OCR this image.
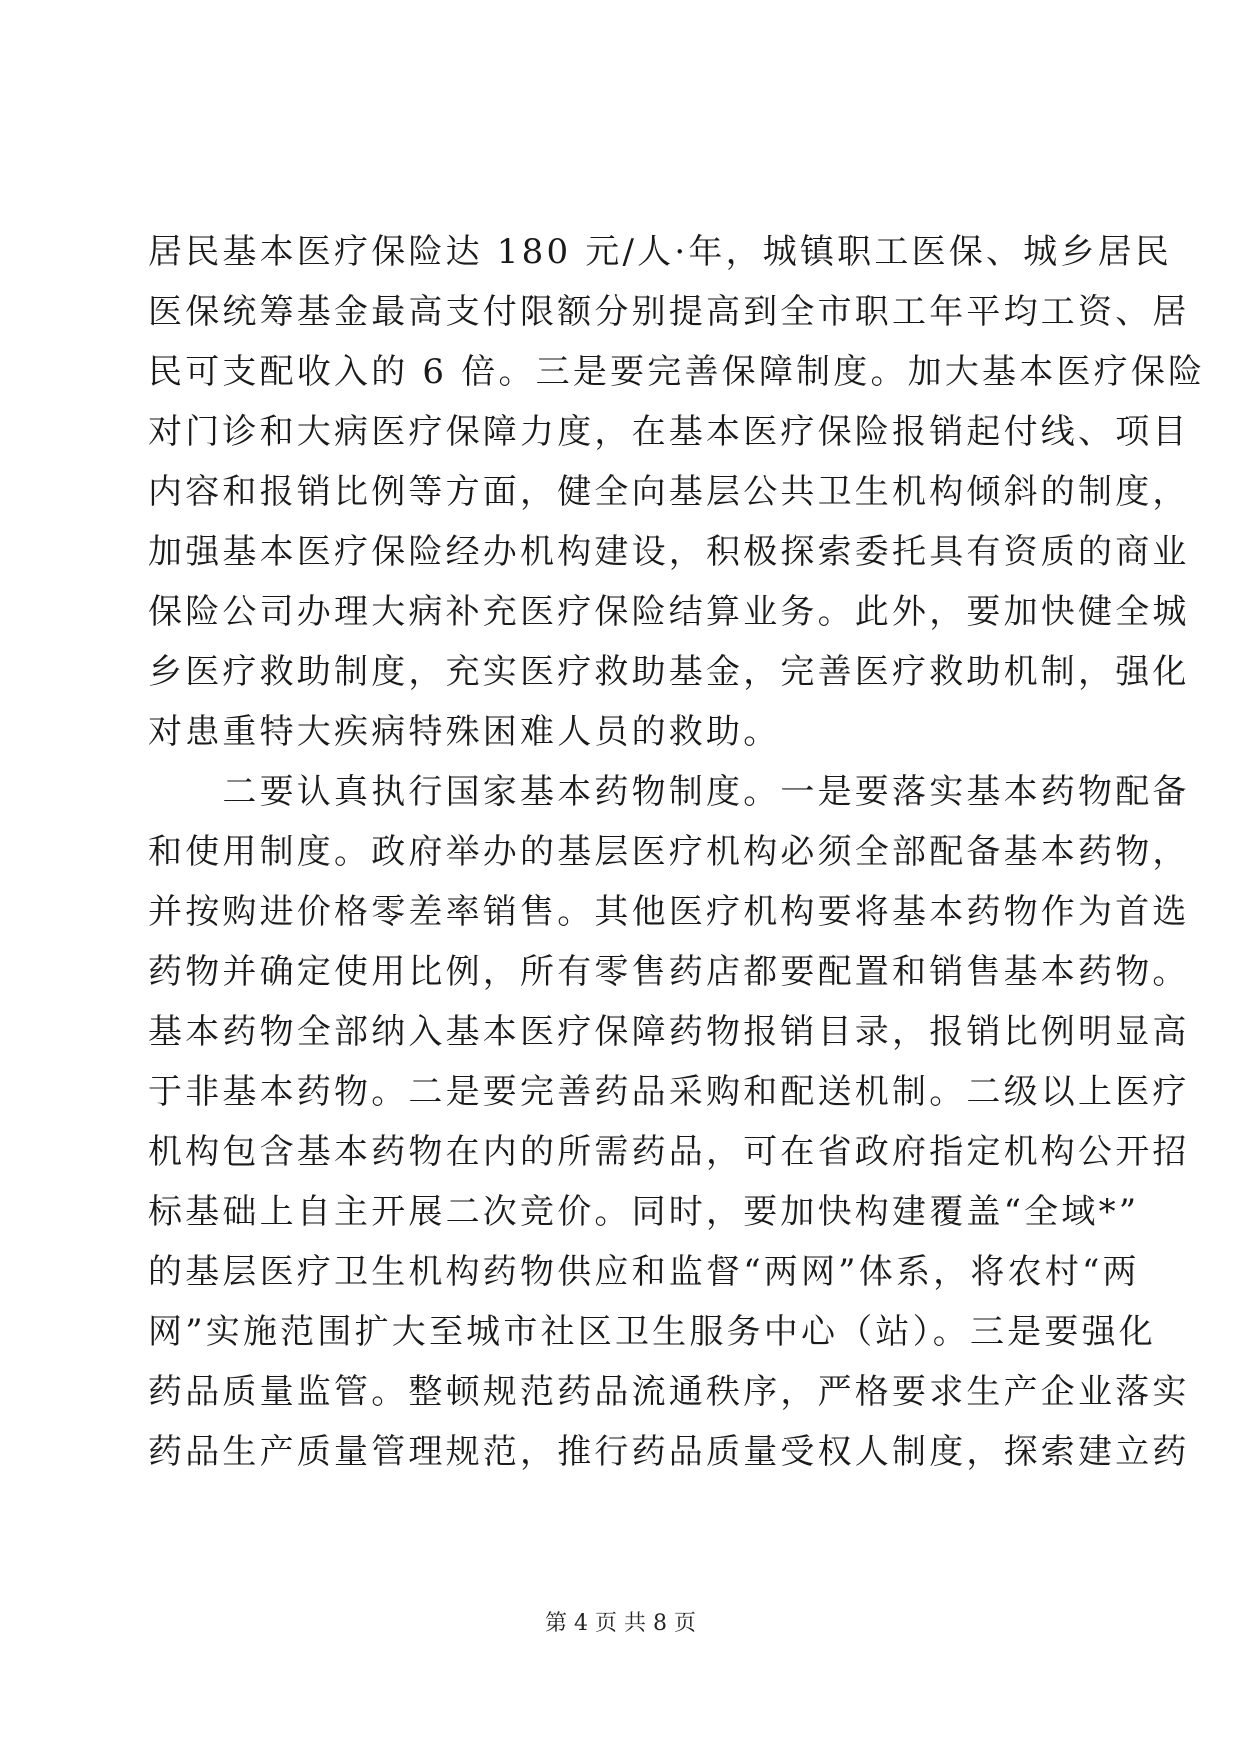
居民基本医疗保险达 180 元/人·年，城镇职工医保、城乡居民
医保统筹基金最高支付限额分别提高到全市职工年平均工资、居
民可支配收入的 6 倍。三是要完善保障制度。加大基本医疗保险
对门诊和大病医疗保障力度，在基本医疗保险报销起付线、项目
内容和报销比例等方面，健全向基层公共卫生机构倾斜的制度，
加强基本医疗保险经办机构建设，积极探索委托具有资质的商业
保险公司办理大病补充医疗保险结算业务。此外，要加快健全城
乡医疗救助制度，充实医疗救助基金，完善医疗救助机制，强化
对患重特大疾病特殊困难人员的救助。
　　二要认真执行国家基本药物制度。一是要落实基本药物配备
和使用制度。政府举办的基层医疗机构必须全部配备基本药物，
并按购进价格零差率销售。其他医疗机构要将基本药物作为首选
药物并确定使用比例，所有零售药店都要配置和销售基本药物。
基本药物全部纳入基本医疗保障药物报销目录，报销比例明显高
于非基本药物。二是要完善药品采购和配送机制。二级以上医疗
机构包含基本药物在内的所需药品，可在省政府指定机构公开招
标基础上自主开展二次竞价。同时，要加快构建覆盖“全域*”
的基层医疗卫生机构药物供应和监督“两网”体系，将农村“两
网”实施范围扩大至城市社区卫生服务中心（站）。三是要强化
药品质量监管。整顿规范药品流通秩序，严格要求生产企业落实
药品生产质量管理规范，推行药品质量受权人制度，探索建立药
第 4 页 共 8 页
